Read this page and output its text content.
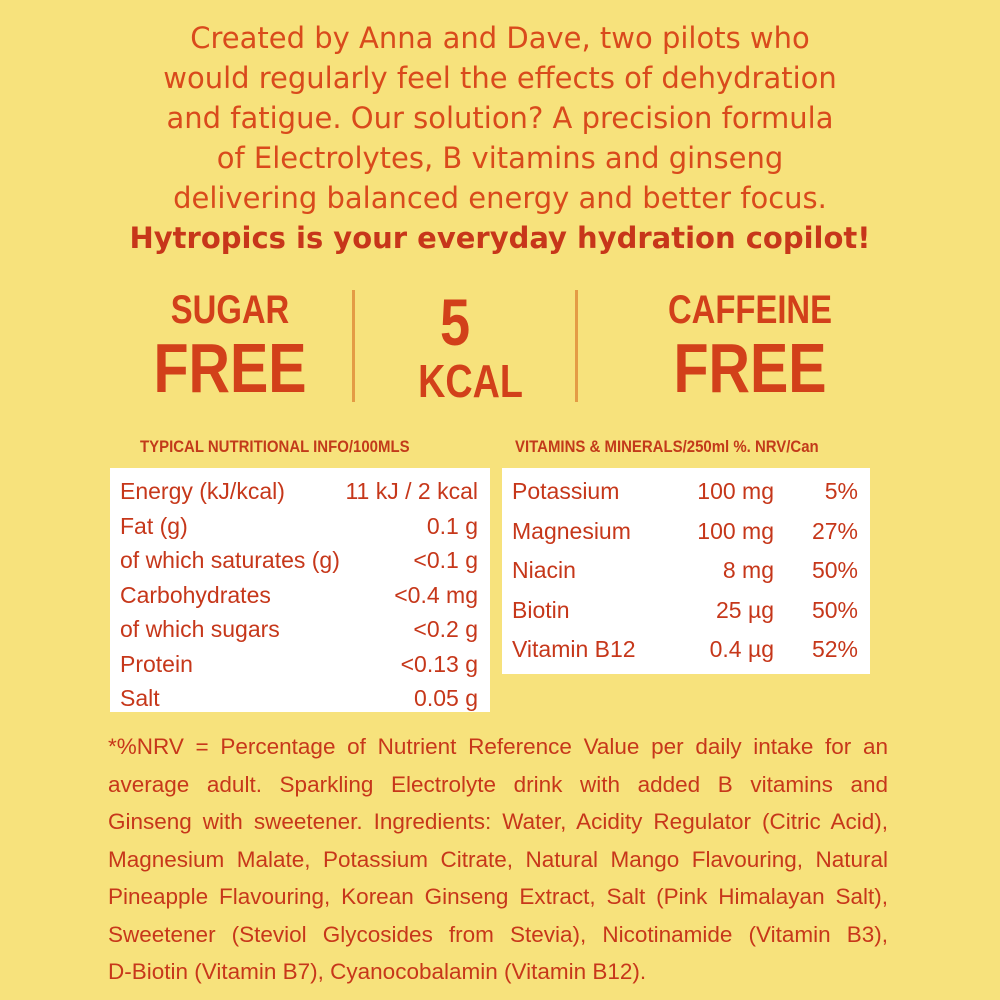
Created by Anna and Dave, two pilots who
would regularly feel the effects of dehydration
and fatigue. Our solution? A precision formula
of Electrolytes, B vitamins and ginseng
delivering balanced energy and better focus.
Hytropics is your everyday hydration copilot!
SUGAR
FREE
5
KCAL
CAFFEINE
FREE
TYPICAL NUTRITIONAL INFO/100MLS	VITAMINS & MINERALS/250ml %. NRV/Can
Energy (kJ/kcal)	11 kJ / 2 kcal
Fat (g)	0.1 g
of which saturates (g)	<0.1 g
Carbohydrates	<0.4 mg
of which sugars	<0.2 g
Protein	<0.13 g
Salt	0.05 g
Potassium	100 mg 5%
Magnesium	100 mg 27%
Niacin	8 mg 50%
Biotin	25 µg 50%
Vitamin B12	0.4 µg 52%
*%NRV = Percentage of Nutrient Reference Value per daily intake for an
average adult. Sparkling Electrolyte drink with added B vitamins and
Ginseng with sweetener. Ingredients: Water, Acidity Regulator (Citric Acid),
Magnesium Malate, Potassium Citrate, Natural Mango Flavouring, Natural
Pineapple Flavouring, Korean Ginseng Extract, Salt (Pink Himalayan Salt),
Sweetener (Steviol Glycosides from Stevia), Nicotinamide (Vitamin B3),
D-Biotin (Vitamin B7), Cyanocobalamin (Vitamin B12).
